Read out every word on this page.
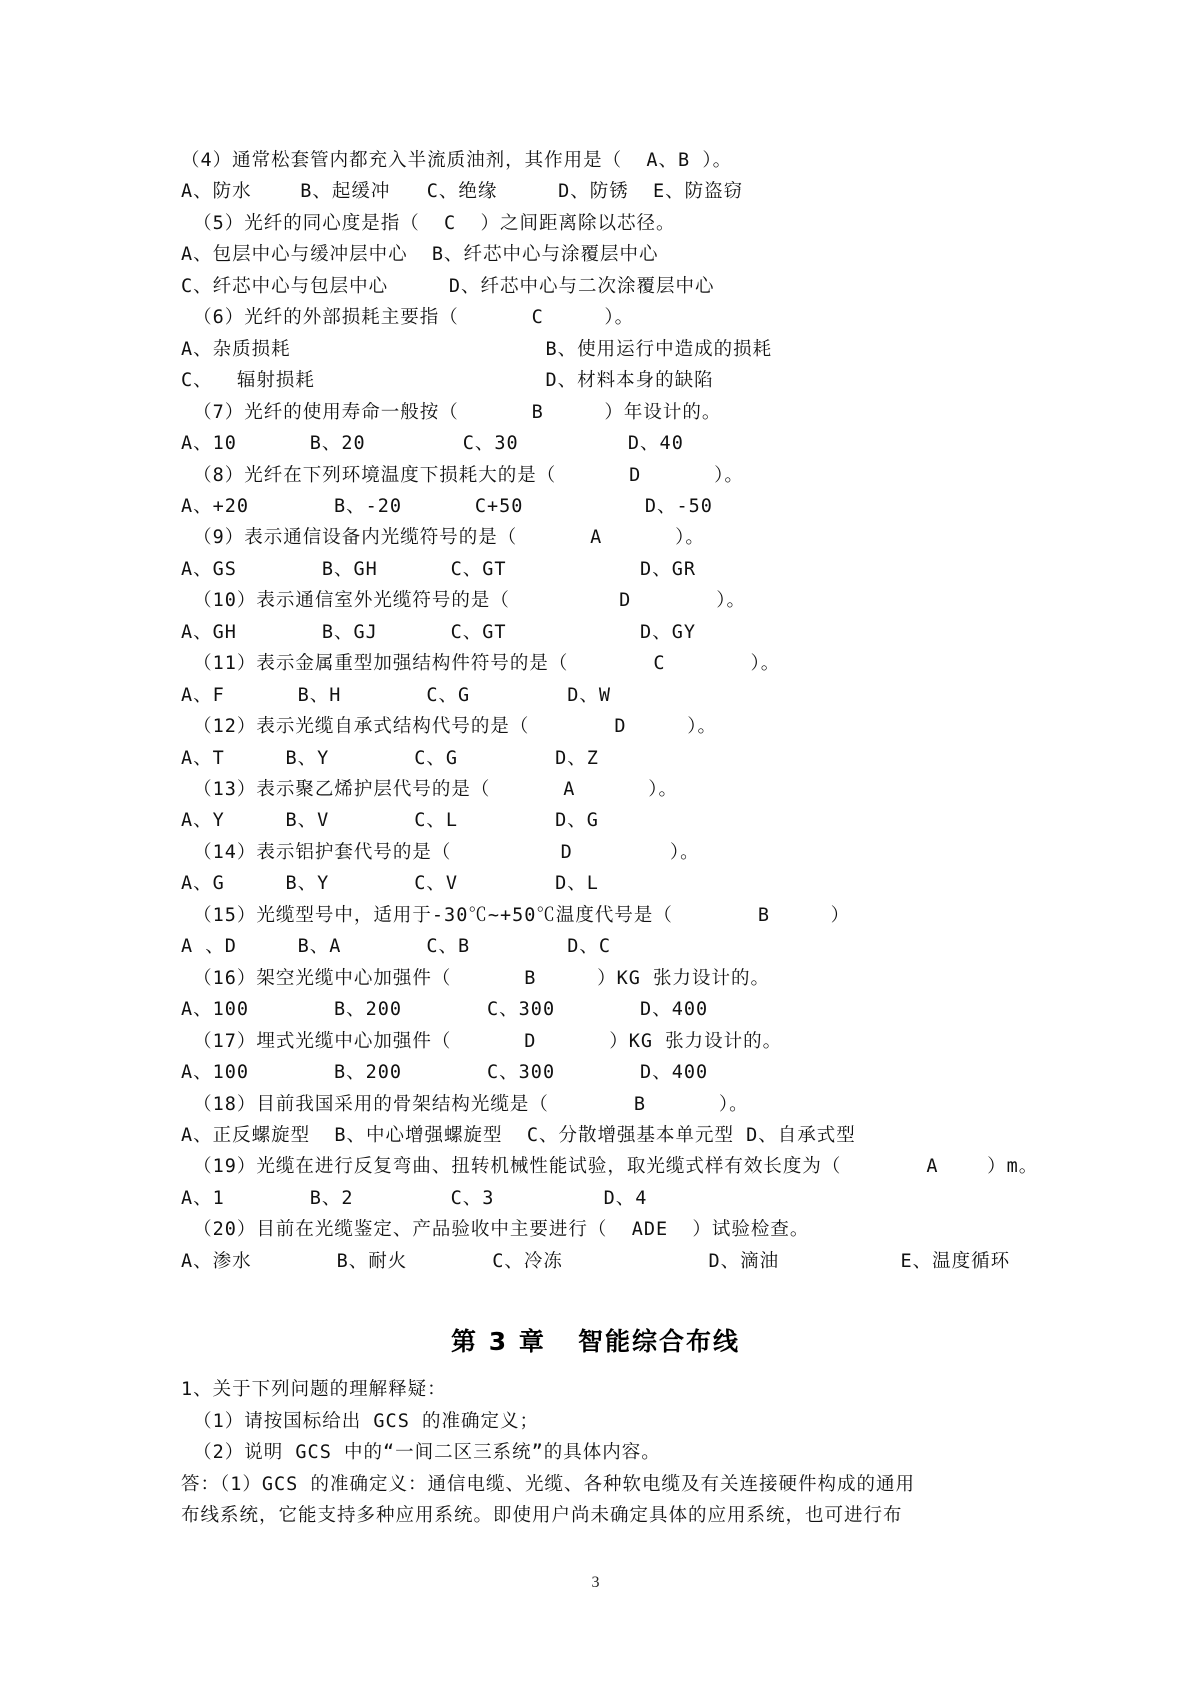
（4）通常松套管内都充入半流质油剂，其作用是（  A、B ）。
A、防水    B、起缓冲   C、绝缘     D、防锈  E、防盗窃
（5）光纤的同心度是指（  C  ）之间距离除以芯径。
A、包层中心与缓冲层中心  B、纤芯中心与涂覆层中心
C、纤芯中心与包层中心     D、纤芯中心与二次涂覆层中心
（6）光纤的外部损耗主要指（      C     ）。
A、杂质损耗                     B、使用运行中造成的损耗
C、  辐射损耗                   D、材料本身的缺陷
（7）光纤的使用寿命一般按（      B     ）年设计的。
A、10      B、20        C、30         D、40
（8）光纤在下列环境温度下损耗大的是（      D      ）。
A、+20       B、-20      C+50          D、-50
（9）表示通信设备内光缆符号的是（      A      ）。
A、GS       B、GH      C、GT           D、GR
（10）表示通信室外光缆符号的是（         D       ）。
A、GH       B、GJ      C、GT           D、GY
（11）表示金属重型加强结构件符号的是（       C       ）。
A、F      B、H       C、G        D、W
（12）表示光缆自承式结构代号的是（       D     ）。
A、T     B、Y       C、G        D、Z
（13）表示聚乙烯护层代号的是（      A      ）。
A、Y     B、V       C、L        D、G
（14）表示铝护套代号的是（         D        ）。
A、G     B、Y       C、V        D、L
（15）光缆型号中，适用于-30℃~+50℃温度代号是（       B     ）
A 、D     B、A       C、B        D、C
（16）架空光缆中心加强件（      B     ）KG 张力设计的。
A、100       B、200       C、300       D、400
（17）埋式光缆中心加强件（      D      ）KG 张力设计的。
A、100       B、200       C、300       D、400
（18）目前我国采用的骨架结构光缆是（       B      ）。
A、正反螺旋型  B、中心增强螺旋型  C、分散增强基本单元型 D、自承式型
（19）光缆在进行反复弯曲、扭转机械性能试验，取光缆式样有效长度为（       A    ）m。
A、1       B、2        C、3         D、4
（20）目前在光缆鉴定、产品验收中主要进行（  ADE  ）试验检查。
A、渗水       B、耐火       C、冷冻            D、滴油          E、温度循环
第 3 章   智能综合布线
1、关于下列问题的理解释疑：
（1）请按国标给出 GCS 的准确定义；
（2）说明 GCS 中的“一间二区三系统”的具体内容。
答：（1）GCS 的准确定义：通信电缆、光缆、各种软电缆及有关连接硬件构成的通用
布线系统，它能支持多种应用系统。即使用户尚未确定具体的应用系统，也可进行布
3
